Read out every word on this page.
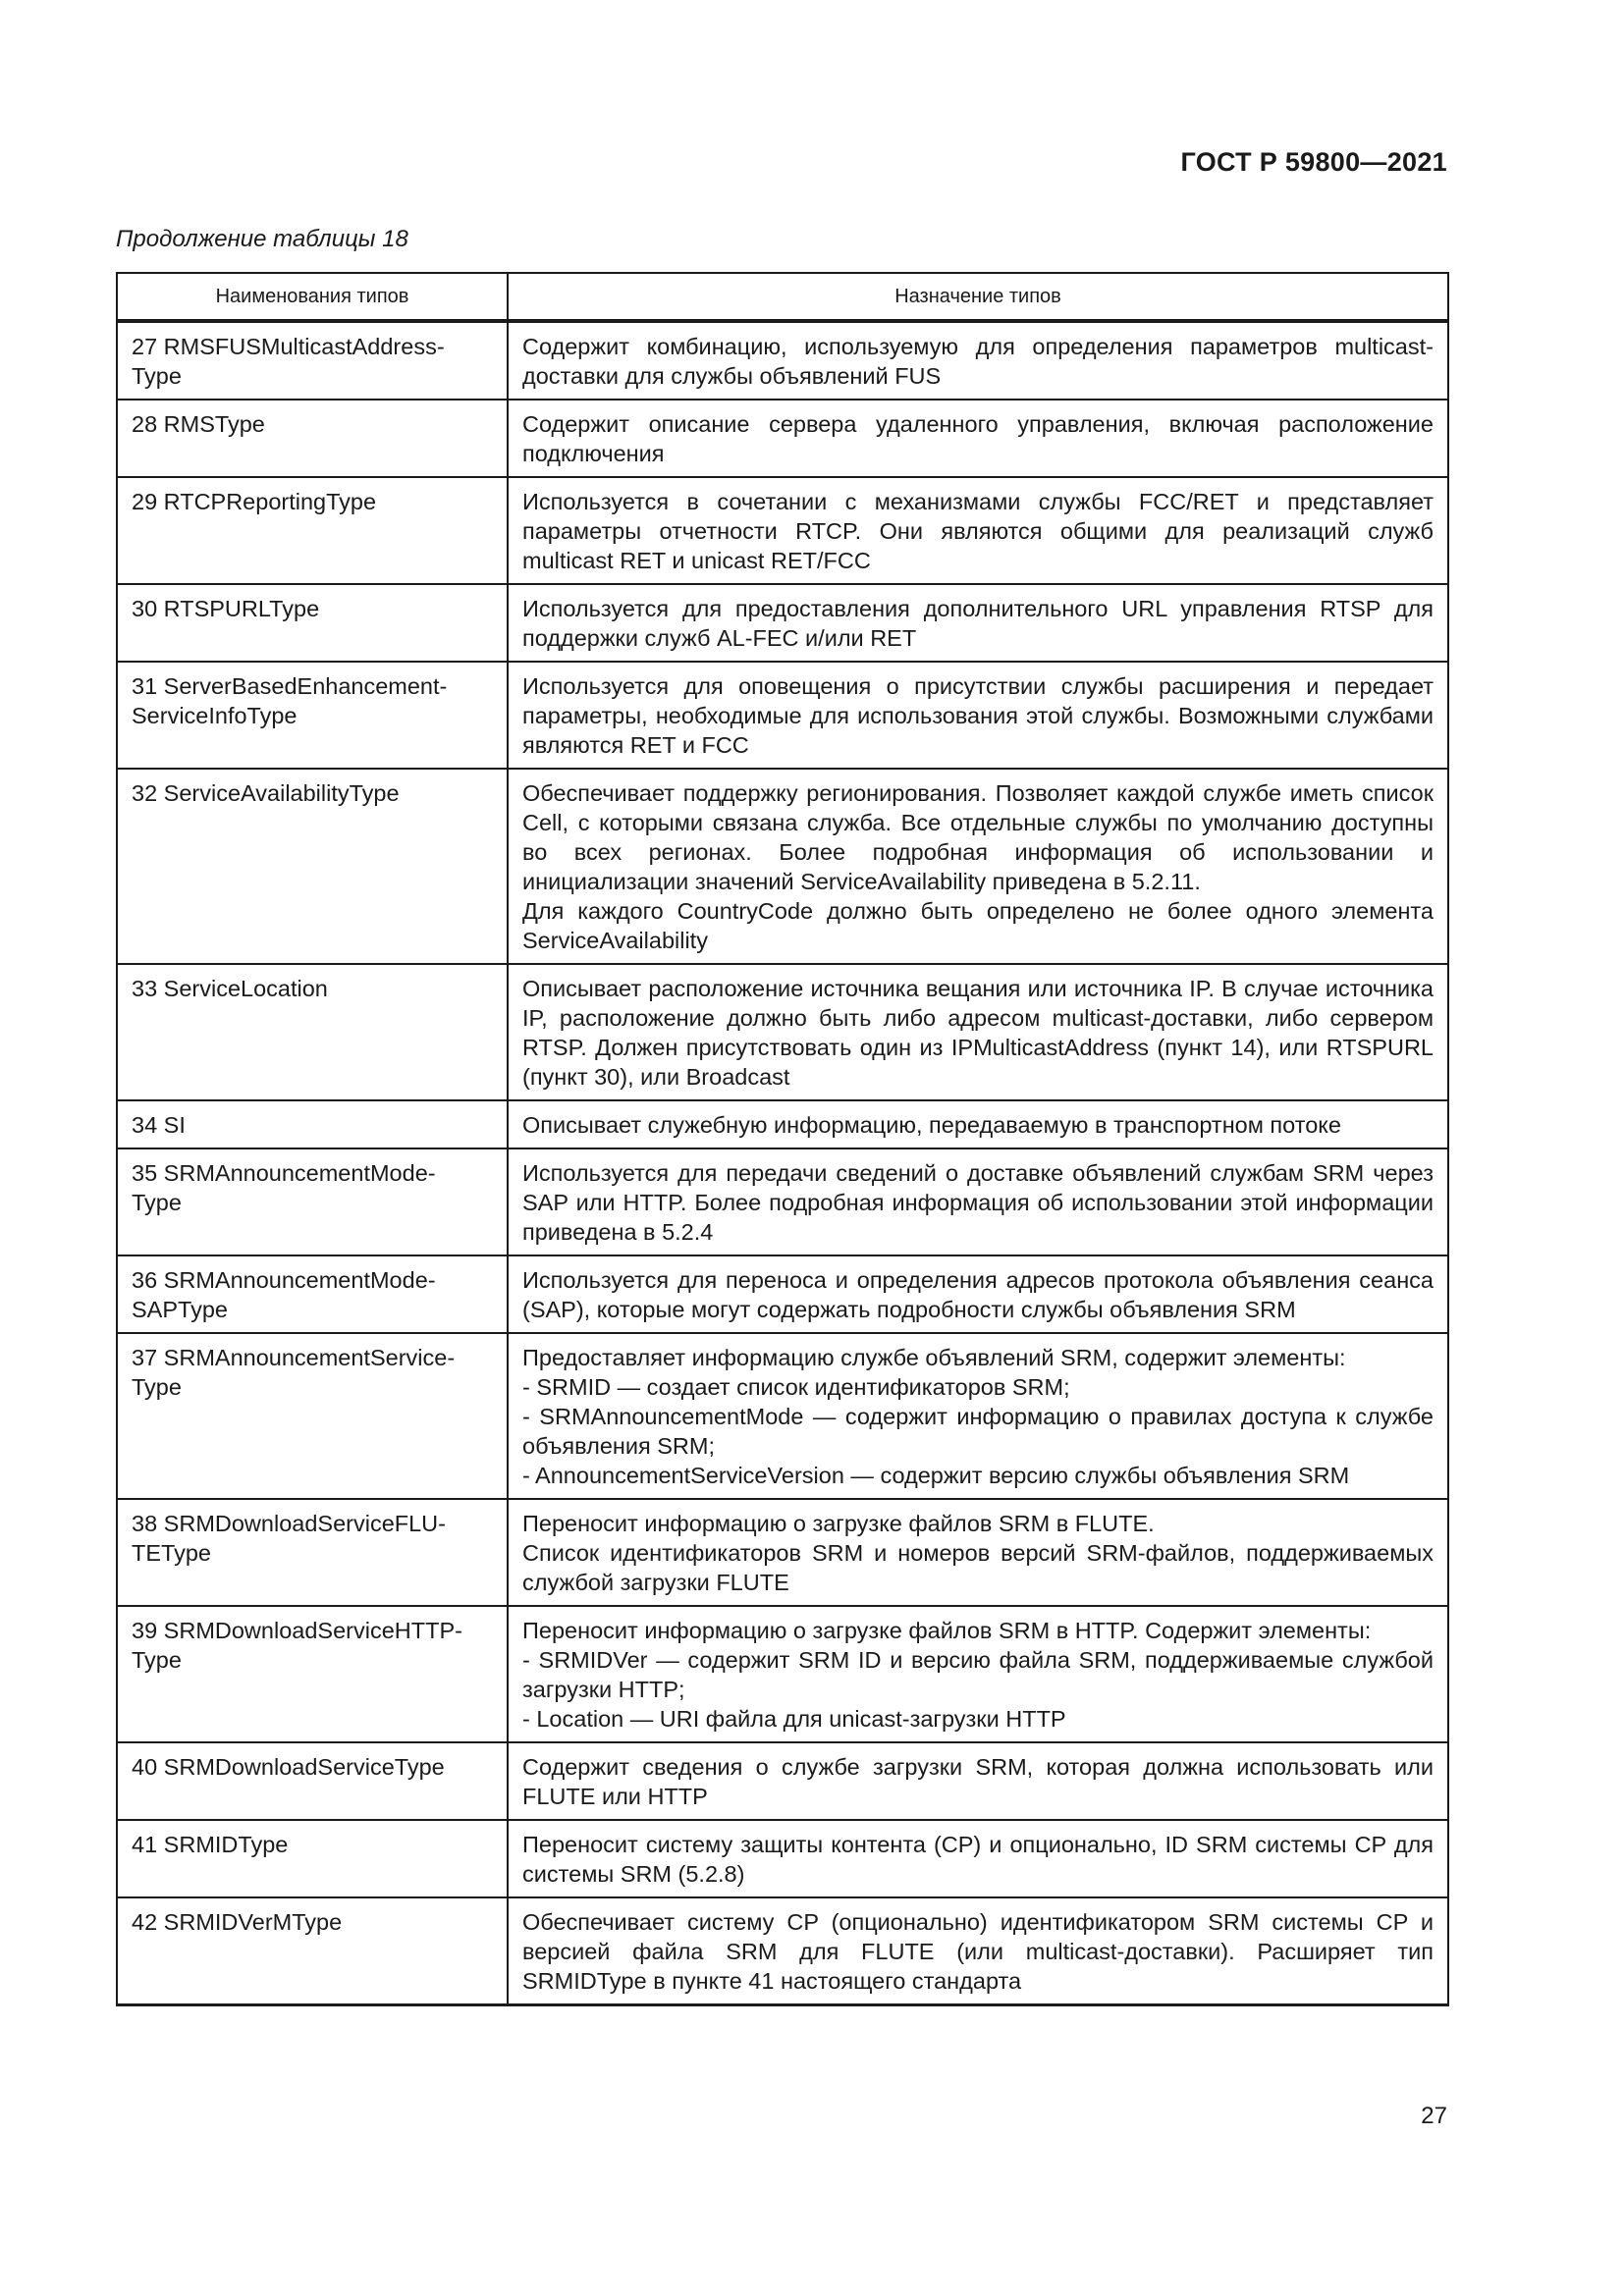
ГОСТ Р 59800—2021
Продолжение таблицы 18
Наименования типов	Назначение типов

27 RMSFUSMulticastAddress-
Type	Содержит комбинацию, используемую для определения параметров multicast-доставки для службы объявлений FUS

28 RMSType	Содержит описание сервера удаленного управления, включая расположение подключения

29 RTCPReportingType	Используется в сочетании с механизмами службы FCC/RET и представляет параметры отчетности RTCP. Они являются общими для реализаций служб multicast RET и unicast RET/FCC

30 RTSPURLType	Используется для предоставления дополнительного URL управления RTSP для поддержки служб AL-FEC и/или RET

31 ServerBasedEnhancement-
ServiceInfoType	Используется для оповещения о присутствии службы расширения и передает параметры, необходимые для использования этой службы. Возможными службами являются RET и FCC

32 ServiceAvailabilityType	Обеспечивает поддержку регионирования. Позволяет каждой службе иметь список Cell, с которыми связана служба. Все отдельные службы по умолчанию доступны во всех регионах. Более подробная информация об использовании и инициализации значений ServiceAvailability приведена в 5.2.11.
Для каждого CountryCode должно быть определено не более одного элемента ServiceAvailability

33 ServiceLocation	Описывает расположение источника вещания или источника IP. В случае источника IP, расположение должно быть либо адресом multicast-доставки, либо сервером RTSP. Должен присутствовать один из IPMulticastAddress (пункт 14), или RTSPURL (пункт 30), или Broadcast

34 SI	Описывает служебную информацию, передаваемую в транспортном потоке

35 SRMAnnouncementMode-
Type	Используется для передачи сведений о доставке объявлений службам SRM через SAP или HTTP. Более подробная информация об использовании этой информации приведена в 5.2.4

36 SRMAnnouncementMode-
SAPType	Используется для переноса и определения адресов протокола объявления сеанса (SAP), которые могут содержать подробности службы объявления SRM

37 SRMAnnouncementService-
Type	Предоставляет информацию службе объявлений SRM, содержит элементы:
- SRMID — создает список идентификаторов SRM;
- SRMAnnouncementMode — содержит информацию о правилах доступа к службе объявления SRM;
- AnnouncementServiceVersion — содержит версию службы объявления SRM

38 SRMDownloadServiceFLU-
TEType	Переносит информацию о загрузке файлов SRM в FLUTE.
Список идентификаторов SRM и номеров версий SRM-файлов, поддерживаемых службой загрузки FLUTE

39 SRMDownloadServiceHTTP-
Type	Переносит информацию о загрузке файлов SRM в HTTP. Содержит элементы:
- SRMIDVer — содержит SRM ID и версию файла SRM, поддерживаемые службой загрузки HTTP;
- Location — URI файла для unicast-загрузки HTTP

40 SRMDownloadServiceType	Содержит сведения о службе загрузки SRM, которая должна использовать или FLUTE или HTTP

41 SRMIDType	Переносит систему защиты контента (CP) и опционально, ID SRM системы CP для системы SRM (5.2.8)

42 SRMIDVerMType	Обеспечивает систему CP (опционально) идентификатором SRM системы CP и версией файла SRM для FLUTE (или multicast-доставки). Расширяет тип SRMIDType в пункте 41 настоящего стандарта
27
